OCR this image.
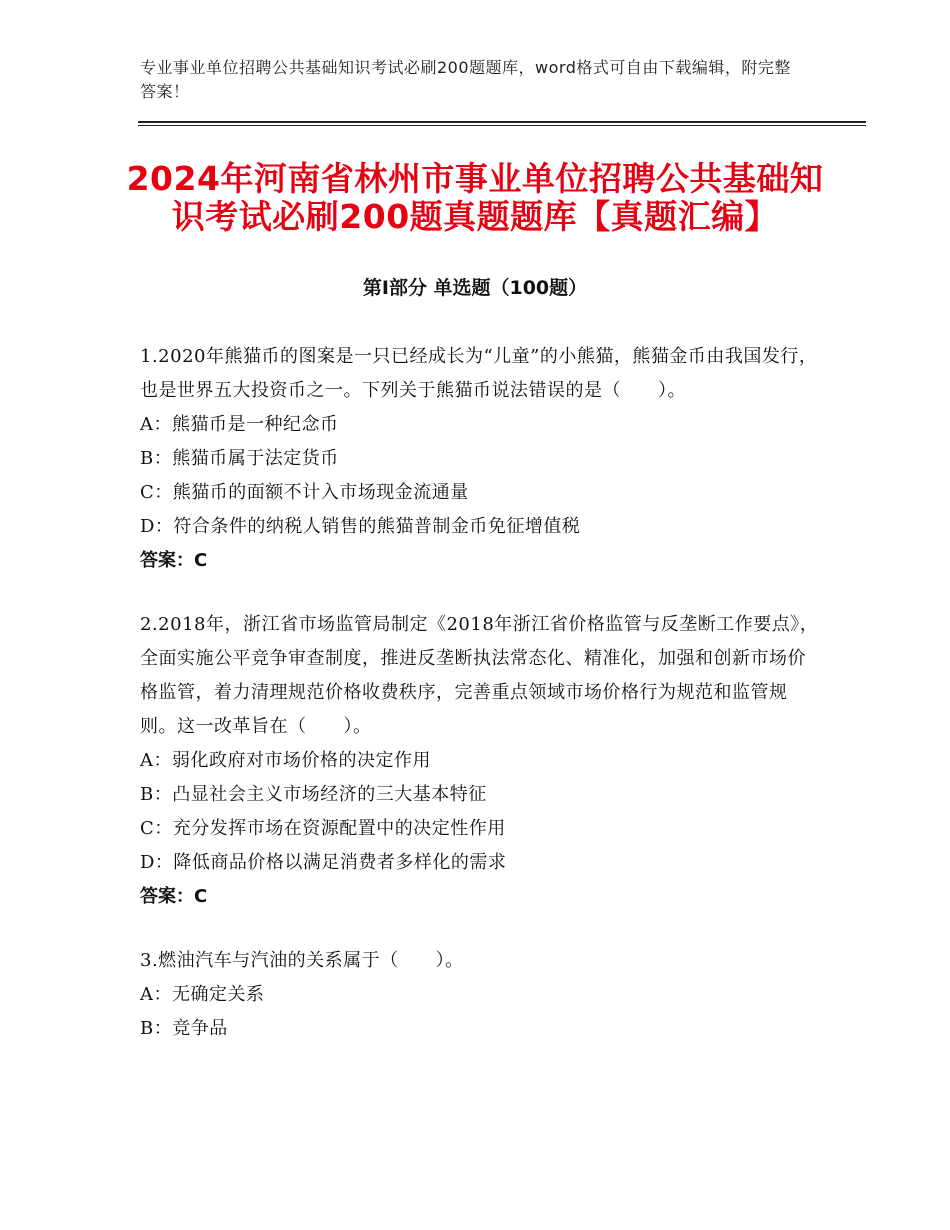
专业事业单位招聘公共基础知识考试必刷200题题库，word格式可自由下载编辑，附完整答案！
2024年河南省林州市事业单位招聘公共基础知识考试必刷200题真题题库【真题汇编】
第Ⅰ部分 单选题（100题）

1.2020年熊猫币的图案是一只已经成长为“儿童”的小熊猫，熊猫金币由我国发行，也是世界五大投资币之一。下列关于熊猫币说法错误的是（　　）。

A：熊猫币是一种纪念币

B：熊猫币属于法定货币

C：熊猫币的面额不计入市场现金流通量

D：符合条件的纳税人销售的熊猫普制金币免征增值税

答案：C

2.2018年，浙江省市场监管局制定《2018年浙江省价格监管与反垄断工作要点》，全面实施公平竞争审查制度，推进反垄断执法常态化、精准化，加强和创新市场价格监管，着力清理规范价格收费秩序，完善重点领域市场价格行为规范和监管规则。这一改革旨在（　　）。

A：弱化政府对市场价格的决定作用

B：凸显社会主义市场经济的三大基本特征

C：充分发挥市场在资源配置中的决定性作用

D：降低商品价格以满足消费者多样化的需求

答案：C

3.燃油汽车与汽油的关系属于（　　）。

A：无确定关系

B：竞争品
